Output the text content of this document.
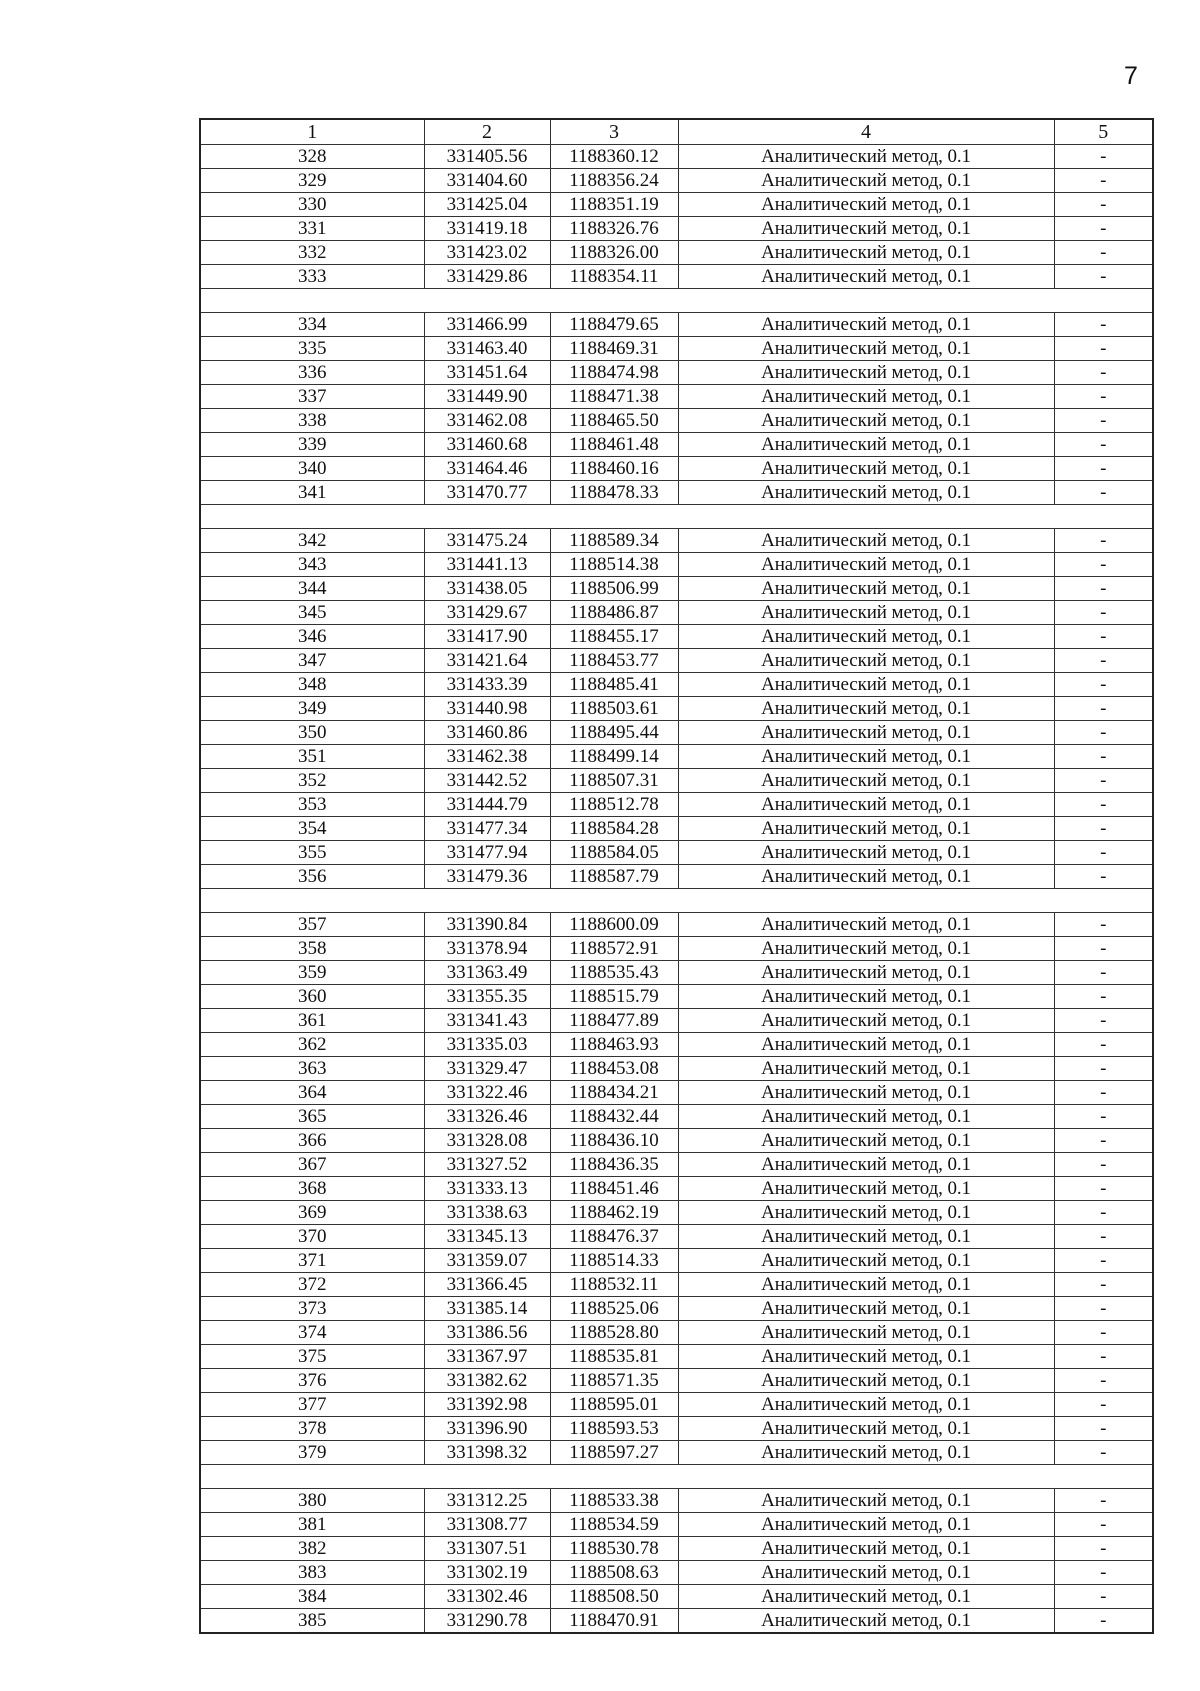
7
1	2	3	4	5
328	331405.56	1188360.12	Аналитический метод, 0.1	-
329	331404.60	1188356.24	Аналитический метод, 0.1	-
330	331425.04	1188351.19	Аналитический метод, 0.1	-
331	331419.18	1188326.76	Аналитический метод, 0.1	-
332	331423.02	1188326.00	Аналитический метод, 0.1	-
333	331429.86	1188354.11	Аналитический метод, 0.1	-

334	331466.99	1188479.65	Аналитический метод, 0.1	-
335	331463.40	1188469.31	Аналитический метод, 0.1	-
336	331451.64	1188474.98	Аналитический метод, 0.1	-
337	331449.90	1188471.38	Аналитический метод, 0.1	-
338	331462.08	1188465.50	Аналитический метод, 0.1	-
339	331460.68	1188461.48	Аналитический метод, 0.1	-
340	331464.46	1188460.16	Аналитический метод, 0.1	-
341	331470.77	1188478.33	Аналитический метод, 0.1	-

342	331475.24	1188589.34	Аналитический метод, 0.1	-
343	331441.13	1188514.38	Аналитический метод, 0.1	-
344	331438.05	1188506.99	Аналитический метод, 0.1	-
345	331429.67	1188486.87	Аналитический метод, 0.1	-
346	331417.90	1188455.17	Аналитический метод, 0.1	-
347	331421.64	1188453.77	Аналитический метод, 0.1	-
348	331433.39	1188485.41	Аналитический метод, 0.1	-
349	331440.98	1188503.61	Аналитический метод, 0.1	-
350	331460.86	1188495.44	Аналитический метод, 0.1	-
351	331462.38	1188499.14	Аналитический метод, 0.1	-
352	331442.52	1188507.31	Аналитический метод, 0.1	-
353	331444.79	1188512.78	Аналитический метод, 0.1	-
354	331477.34	1188584.28	Аналитический метод, 0.1	-
355	331477.94	1188584.05	Аналитический метод, 0.1	-
356	331479.36	1188587.79	Аналитический метод, 0.1	-

357	331390.84	1188600.09	Аналитический метод, 0.1	-
358	331378.94	1188572.91	Аналитический метод, 0.1	-
359	331363.49	1188535.43	Аналитический метод, 0.1	-
360	331355.35	1188515.79	Аналитический метод, 0.1	-
361	331341.43	1188477.89	Аналитический метод, 0.1	-
362	331335.03	1188463.93	Аналитический метод, 0.1	-
363	331329.47	1188453.08	Аналитический метод, 0.1	-
364	331322.46	1188434.21	Аналитический метод, 0.1	-
365	331326.46	1188432.44	Аналитический метод, 0.1	-
366	331328.08	1188436.10	Аналитический метод, 0.1	-
367	331327.52	1188436.35	Аналитический метод, 0.1	-
368	331333.13	1188451.46	Аналитический метод, 0.1	-
369	331338.63	1188462.19	Аналитический метод, 0.1	-
370	331345.13	1188476.37	Аналитический метод, 0.1	-
371	331359.07	1188514.33	Аналитический метод, 0.1	-
372	331366.45	1188532.11	Аналитический метод, 0.1	-
373	331385.14	1188525.06	Аналитический метод, 0.1	-
374	331386.56	1188528.80	Аналитический метод, 0.1	-
375	331367.97	1188535.81	Аналитический метод, 0.1	-
376	331382.62	1188571.35	Аналитический метод, 0.1	-
377	331392.98	1188595.01	Аналитический метод, 0.1	-
378	331396.90	1188593.53	Аналитический метод, 0.1	-
379	331398.32	1188597.27	Аналитический метод, 0.1	-

380	331312.25	1188533.38	Аналитический метод, 0.1	-
381	331308.77	1188534.59	Аналитический метод, 0.1	-
382	331307.51	1188530.78	Аналитический метод, 0.1	-
383	331302.19	1188508.63	Аналитический метод, 0.1	-
384	331302.46	1188508.50	Аналитический метод, 0.1	-
385	331290.78	1188470.91	Аналитический метод, 0.1	-
